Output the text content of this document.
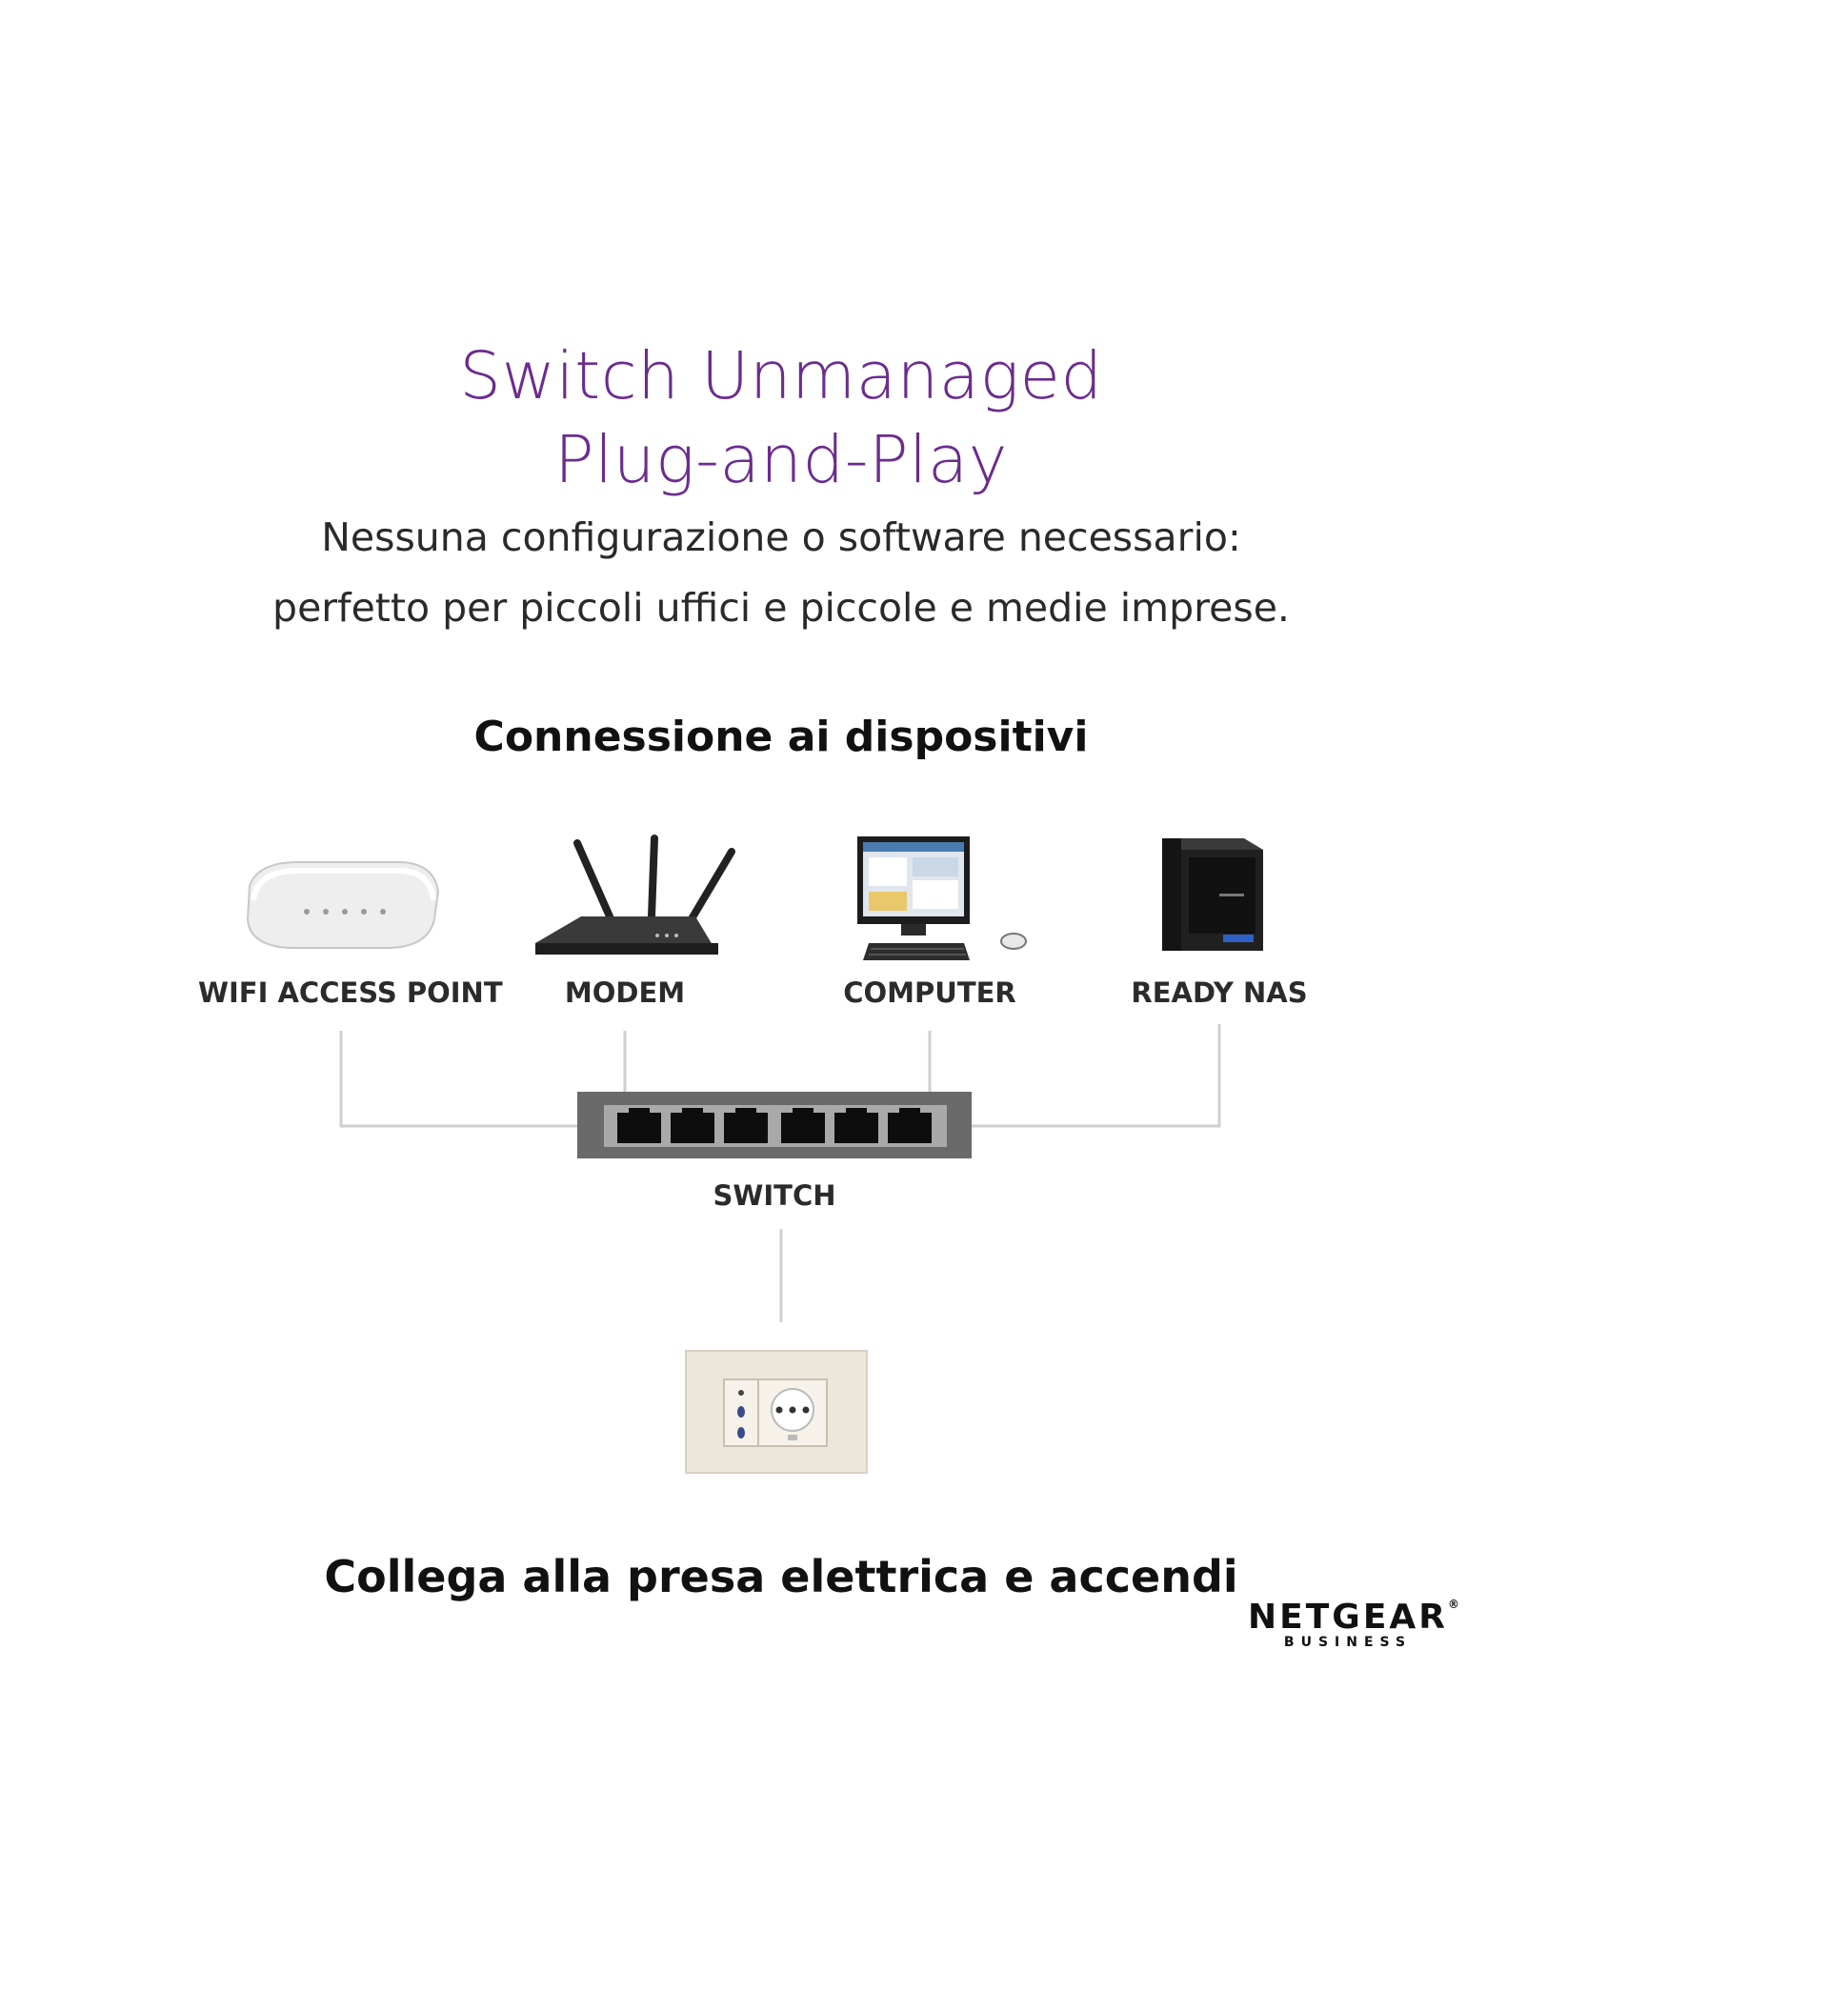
Switch Unmanaged
Plug-and-Play
Nessuna configurazione o software necessario:
perfetto per piccoli uffici e piccole e medie imprese.
Connessione ai dispositivi
WIFI ACCESS POINT	MODEM	COMPUTER	READY NAS
SWITCH
Collega alla presa elettrica e accendi
NETGEAR®
BUSINESS
